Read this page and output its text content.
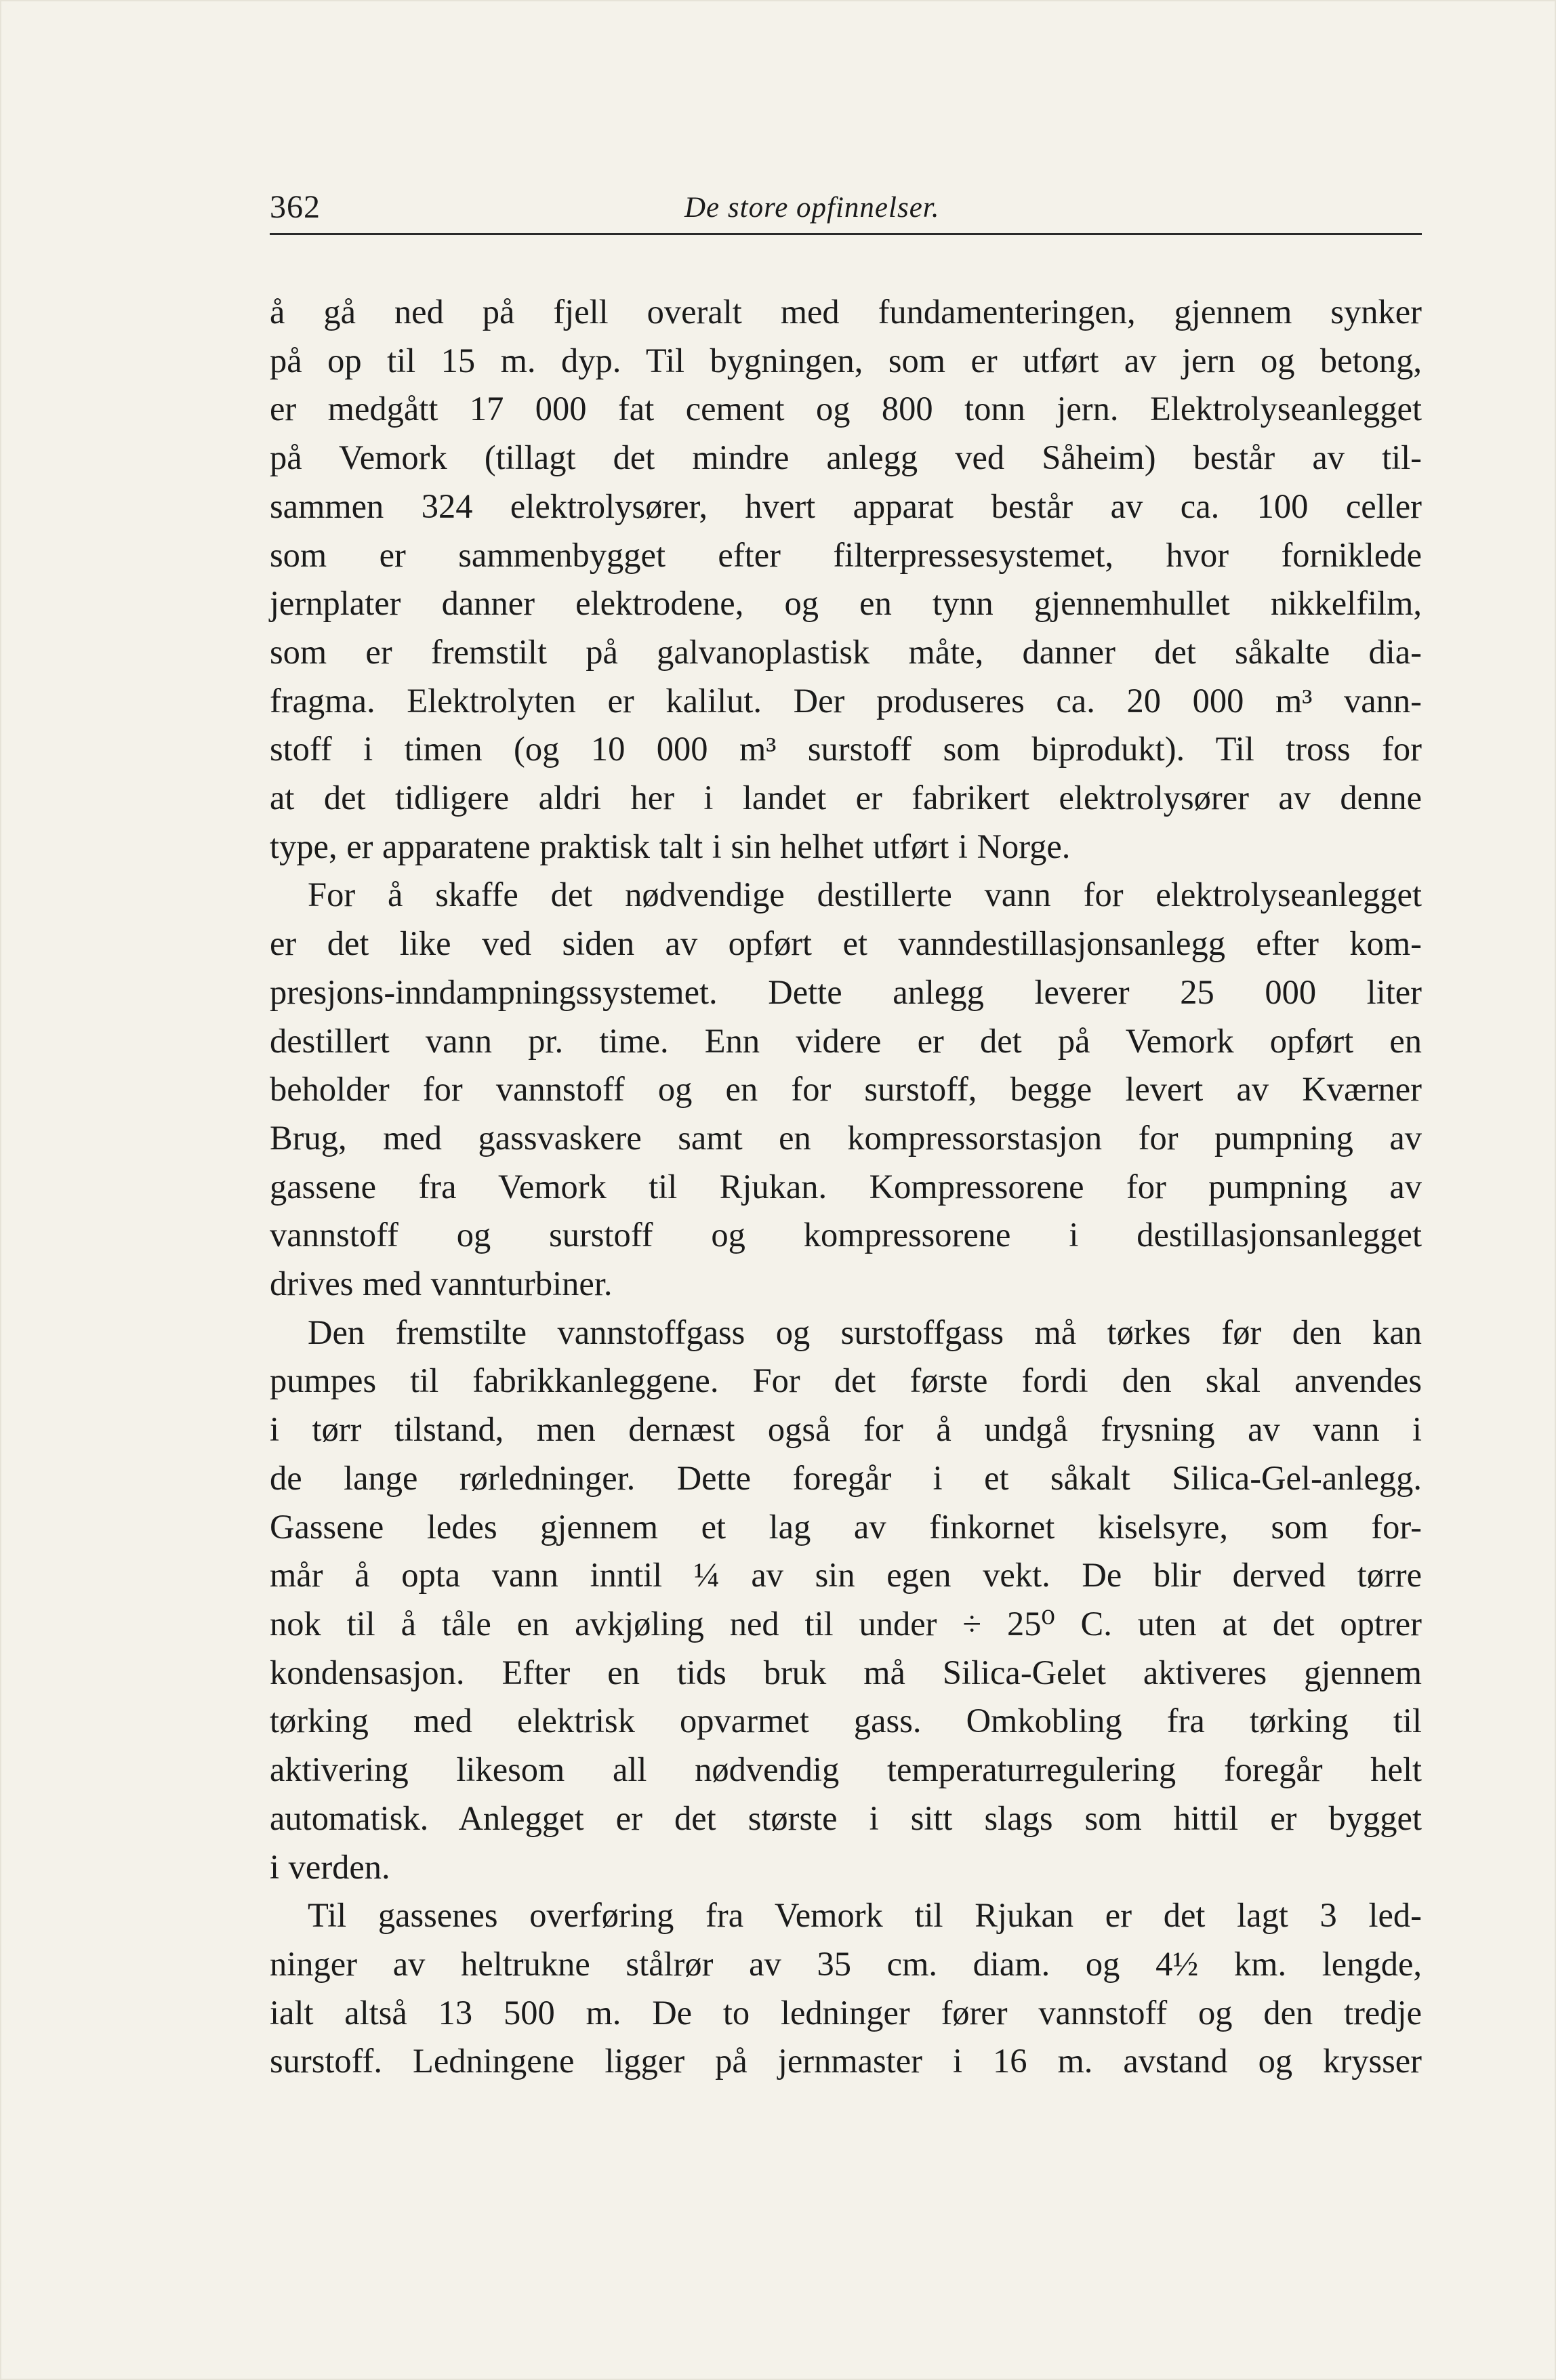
362	De store opfinnelser.

å gå ned på fjell overalt med fundamenteringen, gjennem synker
på op til 15 m. dyp. Til bygningen, som er utført av jern og betong,
er medgått 17 000 fat cement og 800 tonn jern. Elektrolyseanlegget
på Vemork (tillagt det mindre anlegg ved Såheim) består av til-
sammen 324 elektrolysører, hvert apparat består av ca. 100 celler
som er sammenbygget efter filterpressesystemet, hvor forniklede
jernplater danner elektrodene, og en tynn gjennemhullet nikkelfilm,
som er fremstilt på galvanoplastisk måte, danner det såkalte dia-
fragma. Elektrolyten er kalilut. Der produseres ca. 20 000 m³ vann-
stoff i timen (og 10 000 m³ surstoff som biprodukt). Til tross for
at det tidligere aldri her i landet er fabrikert elektrolysører av denne
type, er apparatene praktisk talt i sin helhet utført i Norge.

For å skaffe det nødvendige destillerte vann for elektrolyseanlegget
er det like ved siden av opført et vanndestillasjonsanlegg efter kom-
presjons-inndampningssystemet. Dette anlegg leverer 25 000 liter
destillert vann pr. time. Enn videre er det på Vemork opført en
beholder for vannstoff og en for surstoff, begge levert av Kværner
Brug, med gassvaskere samt en kompressorstasjon for pumpning av
gassene fra Vemork til Rjukan. Kompressorene for pumpning av
vannstoff og surstoff og kompressorene i destillasjonsanlegget
drives med vannturbiner.

Den fremstilte vannstoffgass og surstoffgass må tørkes før den kan
pumpes til fabrikkanleggene. For det første fordi den skal anvendes
i tørr tilstand, men dernæst også for å undgå frysning av vann i
de lange rørledninger. Dette foregår i et såkalt Silica-Gel-anlegg.
Gassene ledes gjennem et lag av finkornet kiselsyre, som for-
mår å opta vann inntil ¼ av sin egen vekt. De blir derved tørre
nok til å tåle en avkjøling ned til under ÷ 25⁰ C. uten at det optrer
kondensasjon. Efter en tids bruk må Silica-Gelet aktiveres gjennem
tørking med elektrisk opvarmet gass. Omkobling fra tørking til
aktivering likesom all nødvendig temperaturregulering foregår helt
automatisk. Anlegget er det største i sitt slags som hittil er bygget
i verden.

Til gassenes overføring fra Vemork til Rjukan er det lagt 3 led-
ninger av heltrukne stålrør av 35 cm. diam. og 4½ km. lengde,
ialt altså 13 500 m. De to ledninger fører vannstoff og den tredje
surstoff. Ledningene ligger på jernmaster i 16 m. avstand og krysser
